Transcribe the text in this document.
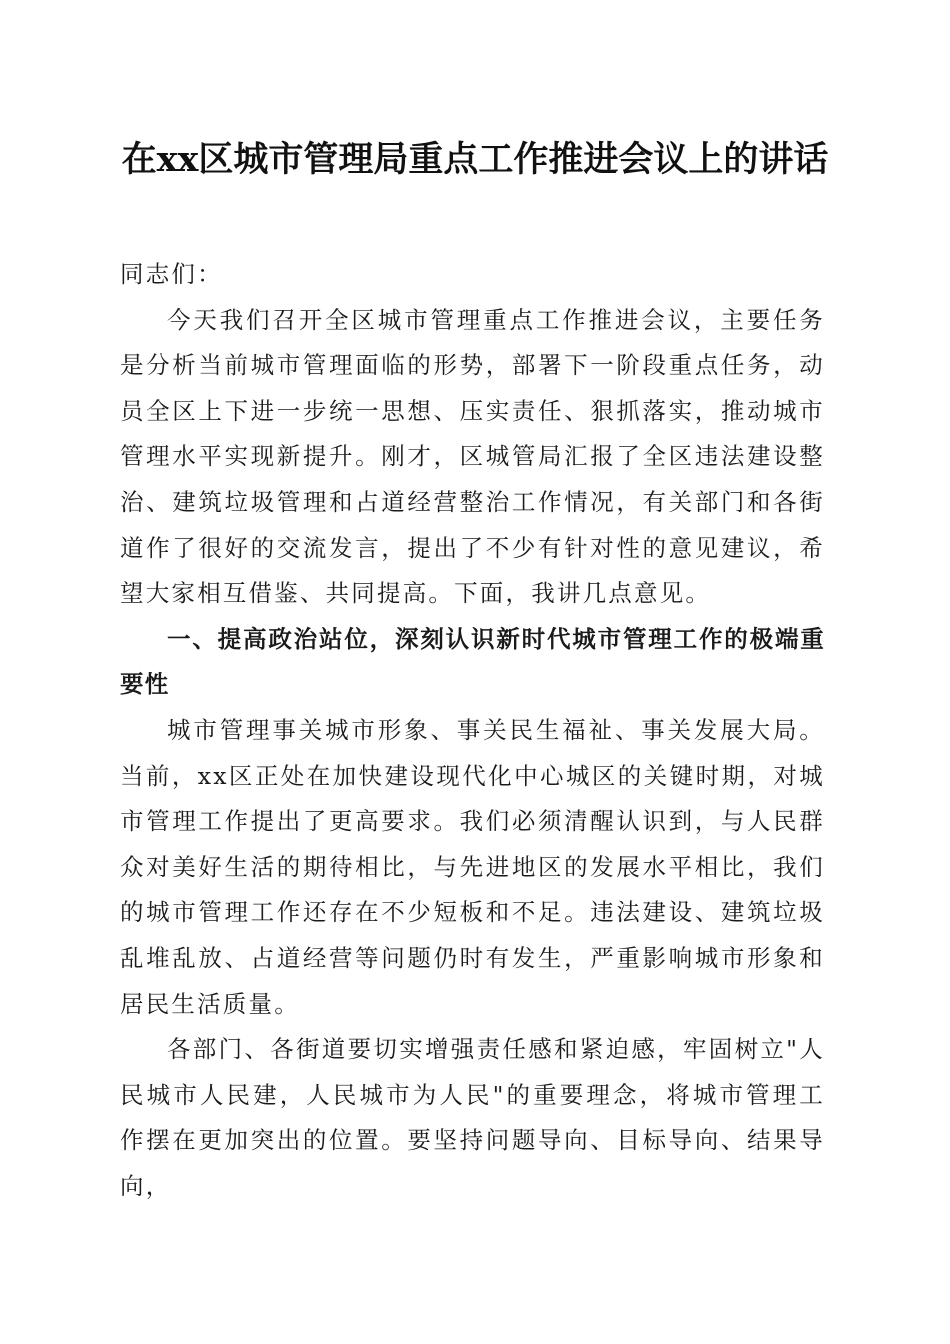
在xx区城市管理局重点工作推进会议上的讲话

同志们：

今天我们召开全区城市管理重点工作推进会议，主要任务是分析当前城市管理面临的形势，部署下一阶段重点任务，动员全区上下进一步统一思想、压实责任、狠抓落实，推动城市管理水平实现新提升。刚才，区城管局汇报了全区违法建设整治、建筑垃圾管理和占道经营整治工作情况，有关部门和各街道作了很好的交流发言，提出了不少有针对性的意见建议，希望大家相互借鉴、共同提高。下面，我讲几点意见。

一、提高政治站位，深刻认识新时代城市管理工作的极端重要性

城市管理事关城市形象、事关民生福祉、事关发展大局。当前，xx区正处在加快建设现代化中心城区的关键时期，对城市管理工作提出了更高要求。我们必须清醒认识到，与人民群众对美好生活的期待相比，与先进地区的发展水平相比，我们的城市管理工作还存在不少短板和不足。违法建设、建筑垃圾乱堆乱放、占道经营等问题仍时有发生，严重影响城市形象和居民生活质量。

各部门、各街道要切实增强责任感和紧迫感，牢固树立"人民城市人民建，人民城市为人民"的重要理念，将城市管理工作摆在更加突出的位置。要坚持问题导向、目标导向、结果导向，
